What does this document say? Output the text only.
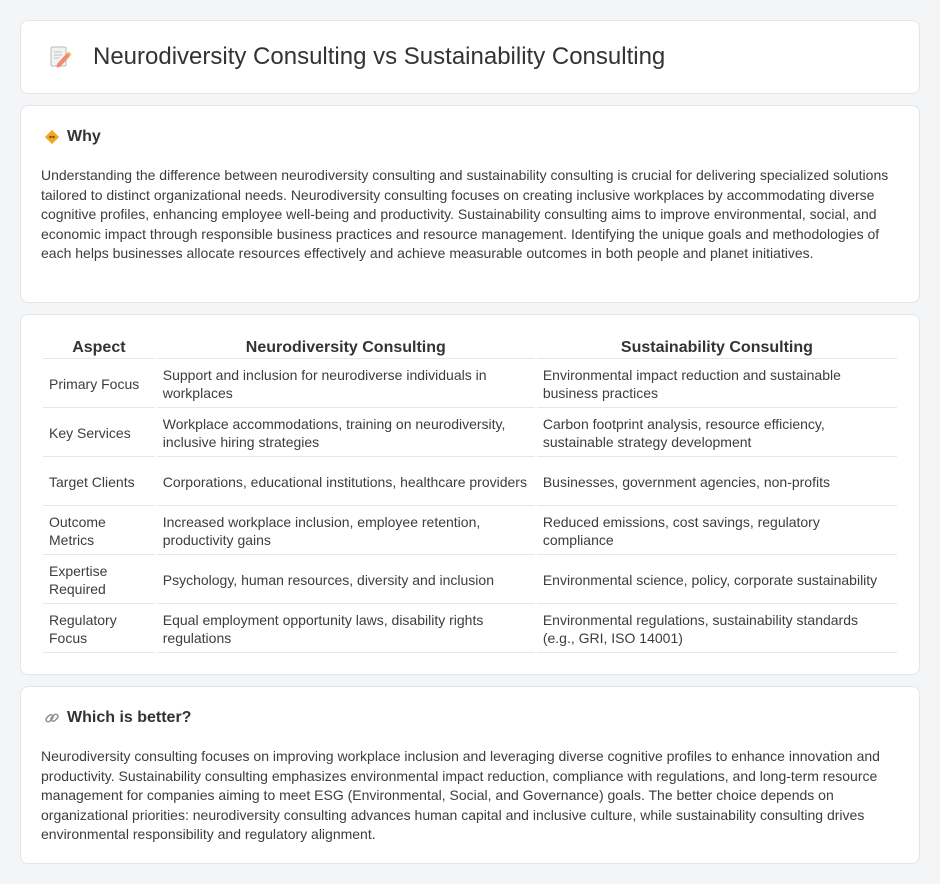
Neurodiversity Consulting vs Sustainability Consulting
Why

Understanding the difference between neurodiversity consulting and sustainability consulting is crucial for delivering specialized solutions tailored to distinct organizational needs. Neurodiversity consulting focuses on creating inclusive workplaces by accommodating diverse cognitive profiles, enhancing employee well-being and productivity. Sustainability consulting aims to improve environmental, social, and economic impact through responsible business practices and resource management. Identifying the unique goals and methodologies of each helps businesses allocate resources effectively and achieve measurable outcomes in both people and planet initiatives.

Aspect	Neurodiversity Consulting	Sustainability Consulting
Primary Focus	Support and inclusion for neurodiverse individuals in workplaces	Environmental impact reduction and sustainable business practices
Key Services	Workplace accommodations, training on neurodiversity, inclusive hiring strategies	Carbon footprint analysis, resource efficiency, sustainable strategy development
Target Clients	Corporations, educational institutions, healthcare providers	Businesses, government agencies, non-profits
Outcome Metrics	Increased workplace inclusion, employee retention, productivity gains	Reduced emissions, cost savings, regulatory compliance
Expertise Required	Psychology, human resources, diversity and inclusion	Environmental science, policy, corporate sustainability
Regulatory Focus	Equal employment opportunity laws, disability rights regulations	Environmental regulations, sustainability standards (e.g., GRI, ISO 14001)
Which is better?

Neurodiversity consulting focuses on improving workplace inclusion and leveraging diverse cognitive profiles to enhance innovation and productivity. Sustainability consulting emphasizes environmental impact reduction, compliance with regulations, and long-term resource management for companies aiming to meet ESG (Environmental, Social, and Governance) goals. The better choice depends on organizational priorities: neurodiversity consulting advances human capital and inclusive culture, while sustainability consulting drives environmental responsibility and regulatory alignment.
